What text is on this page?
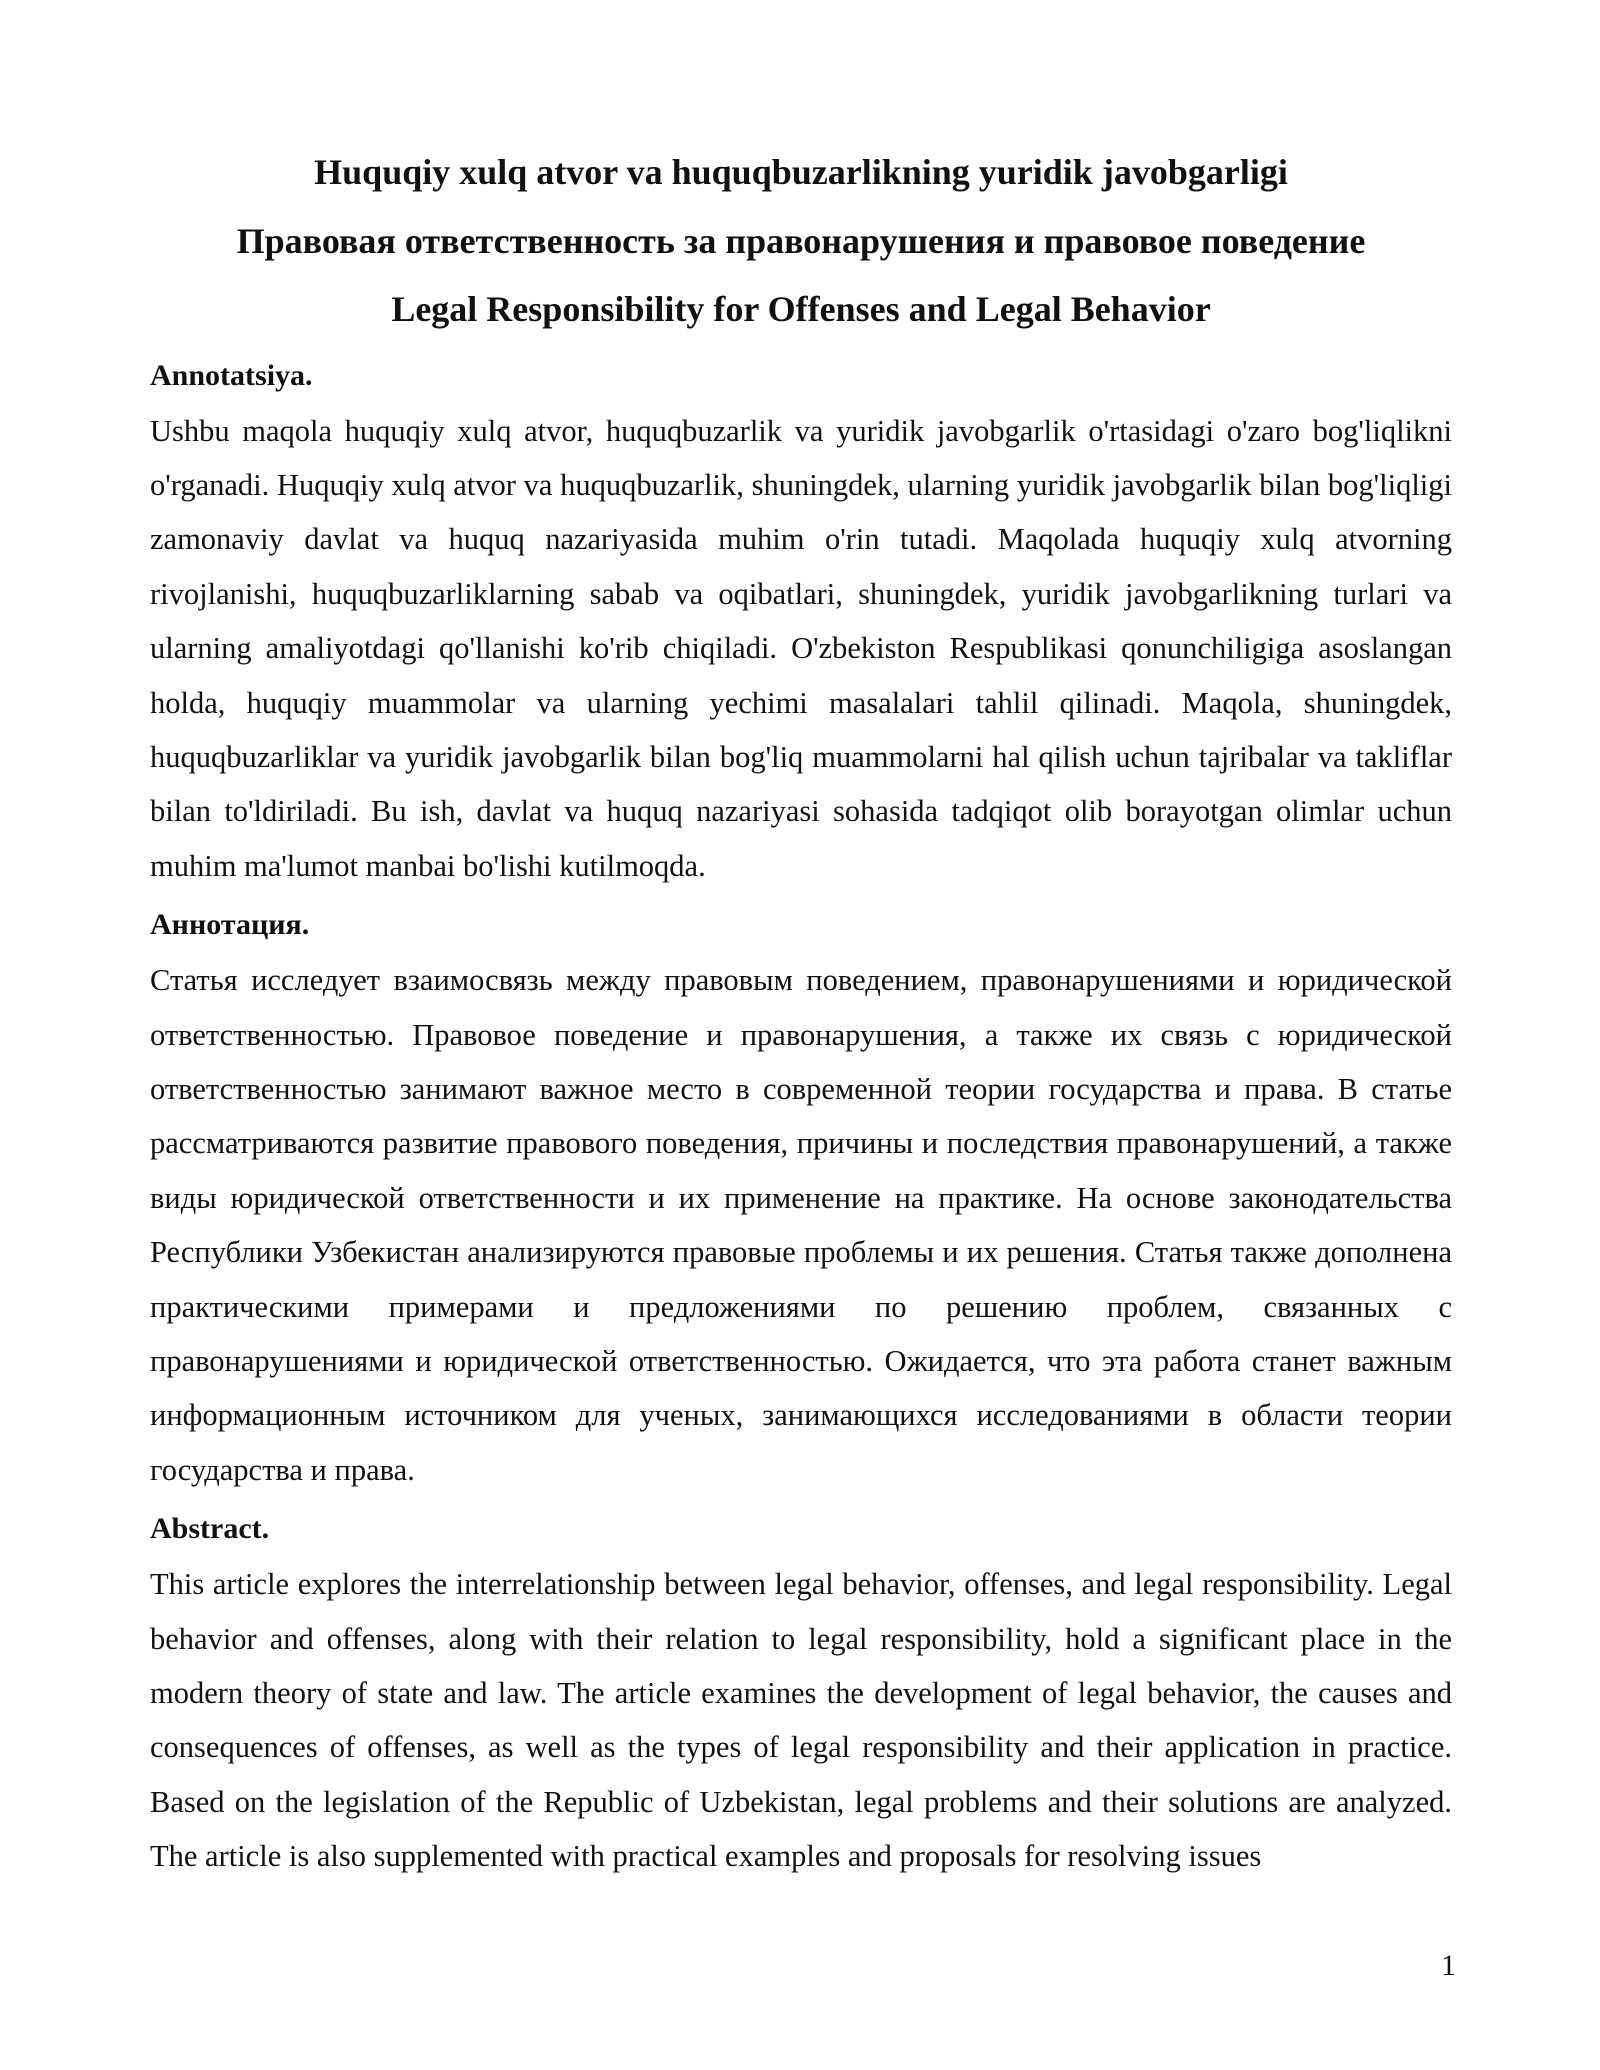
Huquqiy xulq atvor va huquqbuzarlikning yuridik javobgarligi
Правовая ответственность за правонарушения и правовое поведение
Legal Responsibility for Offenses and Legal Behavior
Annotatsiya.

Ushbu maqola huquqiy xulq atvor, huquqbuzarlik va yuridik javobgarlik o'rtasidagi o'zaro bog'liqlikni o'rganadi. Huquqiy xulq atvor va huquqbuzarlik, shuningdek, ularning yuridik javobgarlik bilan bog'liqligi zamonaviy davlat va huquq nazariyasida muhim o'rin tutadi. Maqolada huquqiy xulq atvorning rivojlanishi, huquqbuzarliklarning sabab va oqibatlari, shuningdek, yuridik javobgarlikning turlari va ularning amaliyotdagi qo'llanishi ko'rib chiqiladi. O'zbekiston Respublikasi qonunchiligiga asoslangan holda, huquqiy muammolar va ularning yechimi masalalari tahlil qilinadi. Maqola, shuningdek, huquqbuzarliklar va yuridik javobgarlik bilan bog'liq muammolarni hal qilish uchun tajribalar va takliflar bilan to'ldiriladi. Bu ish, davlat va huquq nazariyasi sohasida tadqiqot olib borayotgan olimlar uchun muhim ma'lumot manbai bo'lishi kutilmoqda.

Аннотация.

Статья исследует взаимосвязь между правовым поведением, правонарушениями и юридической ответственностью. Правовое поведение и правонарушения, а также их связь с юридической ответственностью занимают важное место в современной теории государства и права. В статье рассматриваются развитие правового поведения, причины и последствия правонарушений, а также виды юридической ответственности и их применение на практике. На основе законодательства Республики Узбекистан анализируются правовые проблемы и их решения. Статья также дополнена практическими примерами и предложениями по решению проблем, связанных с правонарушениями и юридической ответственностью. Ожидается, что эта работа станет важным информационным источником для ученых, занимающихся исследованиями в области теории государства и права.

Abstract.

This article explores the interrelationship between legal behavior, offenses, and legal responsibility. Legal behavior and offenses, along with their relation to legal responsibility, hold a significant place in the modern theory of state and law. The article examines the development of legal behavior, the causes and consequences of offenses, as well as the types of legal responsibility and their application in practice. Based on the legislation of the Republic of Uzbekistan, legal problems and their solutions are analyzed. The article is also supplemented with practical examples and proposals for resolving issues

1
